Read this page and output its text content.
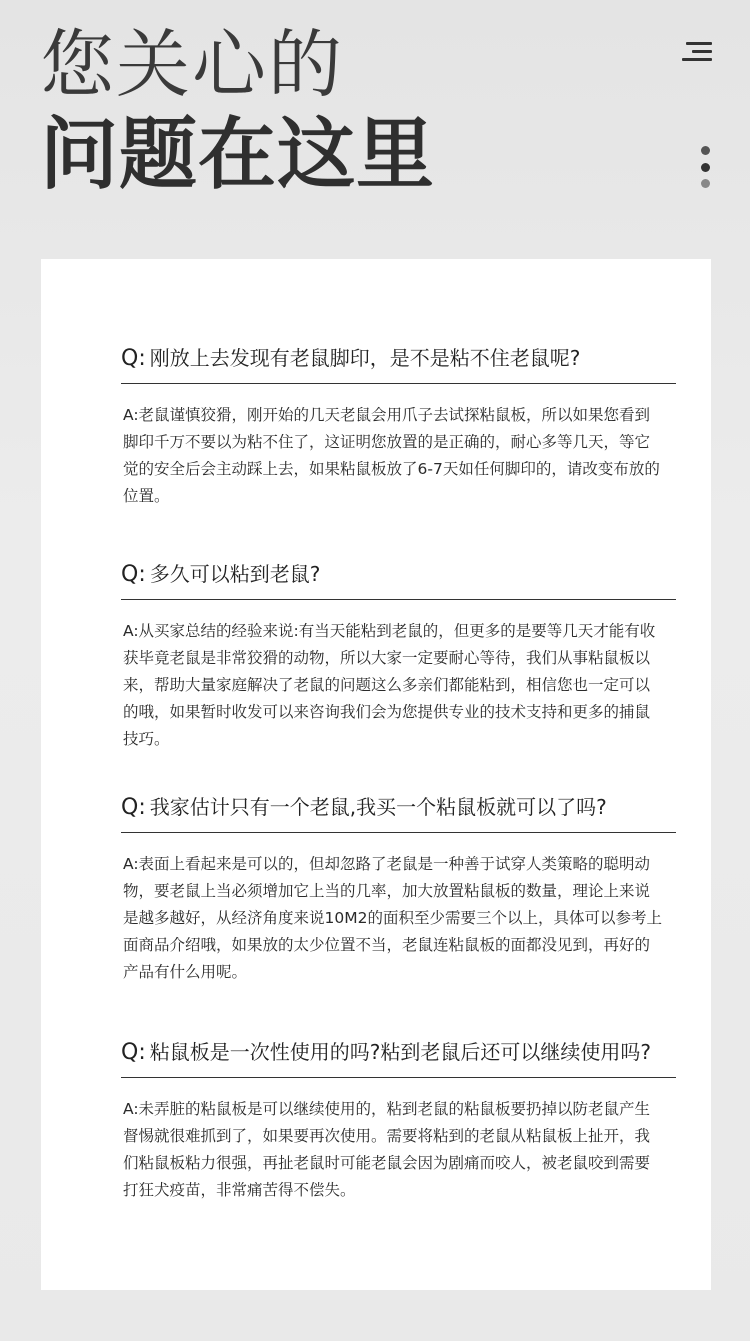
您关心的
问题在这里
Q: 刚放上去发现有老鼠脚印，是不是粘不住老鼠呢?
A:老鼠谨慎狡猾，刚开始的几天老鼠会用爪子去试探粘鼠板，所以如果您看到脚印千万不要以为粘不住了，这证明您放置的是正确的，耐心多等几天，等它觉的安全后会主动踩上去，如果粘鼠板放了6-7天如任何脚印的，请改变布放的位置。
Q: 多久可以粘到老鼠?
A:从买家总结的经验来说:有当天能粘到老鼠的，但更多的是要等几天才能有收获毕竟老鼠是非常狡猾的动物，所以大家一定要耐心等待，我们从事粘鼠板以来，帮助大量家庭解决了老鼠的问题这么多亲们都能粘到，相信您也一定可以的哦，如果暂时收发可以来咨询我们会为您提供专业的技术支持和更多的捕鼠技巧。
Q: 我家估计只有一个老鼠,我买一个粘鼠板就可以了吗?
A:表面上看起来是可以的，但却忽路了老鼠是一种善于试穿人类策略的聪明动物，要老鼠上当必须增加它上当的几率，加大放置粘鼠板的数量，理论上来说是越多越好，从经济角度来说10M2的面积至少需要三个以上，具体可以参考上面商品介绍哦，如果放的太少位置不当，老鼠连粘鼠板的面都没见到，再好的产品有什么用呢。
Q: 粘鼠板是一次性使用的吗?粘到老鼠后还可以继续使用吗?
A:未弄脏的粘鼠板是可以继续使用的，粘到老鼠的粘鼠板要扔掉以防老鼠产生督惕就很难抓到了，如果要再次使用。需要将粘到的老鼠从粘鼠板上扯开，我们粘鼠板粘力很强，再扯老鼠时可能老鼠会因为剧痛而咬人，被老鼠咬到需要打狂犬疫苗，非常痛苦得不偿失。
